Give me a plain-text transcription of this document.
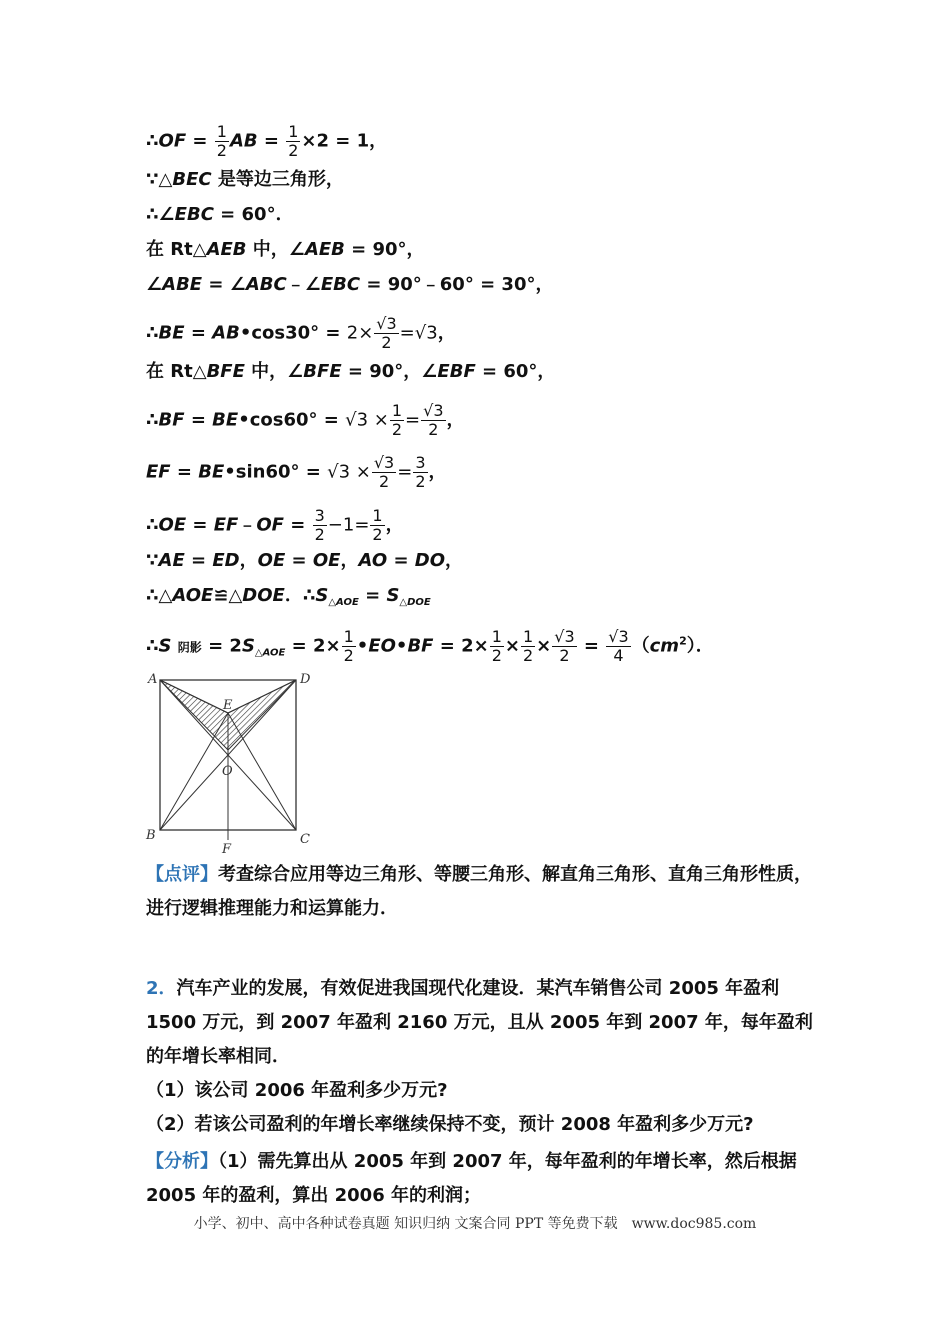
∴OF = $\frac{1}{2}$ AB = $\frac{1}{2} \times 2 = 1$，
∵△BEC 是等边三角形，
∴∠EBC = 60°．
在 Rt△AEB 中，∠AEB = 90°，
∠ABE = ∠ABC﹣∠EBC = 90°﹣60° = 30°，
∴BE = AB•cos30° = $2\times \frac{√3}{2} =√3$，
在 Rt△BFE 中，∠BFE = 90°，∠EBF = 60°，
∴BF = BE•cos60° = $√3 \times \frac{1}{2} = \frac{√3}{2}$ ，
EF = BE•sin60° = $√3 \times \frac{√3}{2} = \frac{3}{2}$ ，
∴OE = EF﹣OF = $\frac{3}{2} -1= \frac{1}{2}$ ，
∵AE = ED，OE = OE，AO = DO，
∴△AOE≌△DOE．$\therefore S_{\triangle AOE} = S_{\triangle DOE}$
∴S 阴影 = $2S_{\triangle AOE} = 2\times \frac{1}{2}$ •EO•BF = $2\times \frac{1}{2} \times \frac{1}{2} \times \frac{√3}{2} = \frac{√3}{4} (cm^2)$．
A	D
E
O
B	C
F
【点评】考查综合应用等边三角形、等腰三角形、解直角三角形、直角三角形性质，进行逻辑推理能力和运算能力．
2．汽车产业的发展，有效促进我国现代化建设．某汽车销售公司 2005 年盈利 1500 万元，到 2007 年盈利 2160 万元，且从 2005 年到 2007 年，每年盈利的年增长率相同．
（1）该公司 2006 年盈利多少万元?
（2）若该公司盈利的年增长率继续保持不变，预计 2008 年盈利多少万元?
【分析】（1）需先算出从 2005 年到 2007 年，每年盈利的年增长率，然后根据 2005 年的盈利，算出 2006 年的利润；
小学、初中、高中各种试卷真题 知识归纳 文案合同 PPT 等免费下载　www.doc985.com
